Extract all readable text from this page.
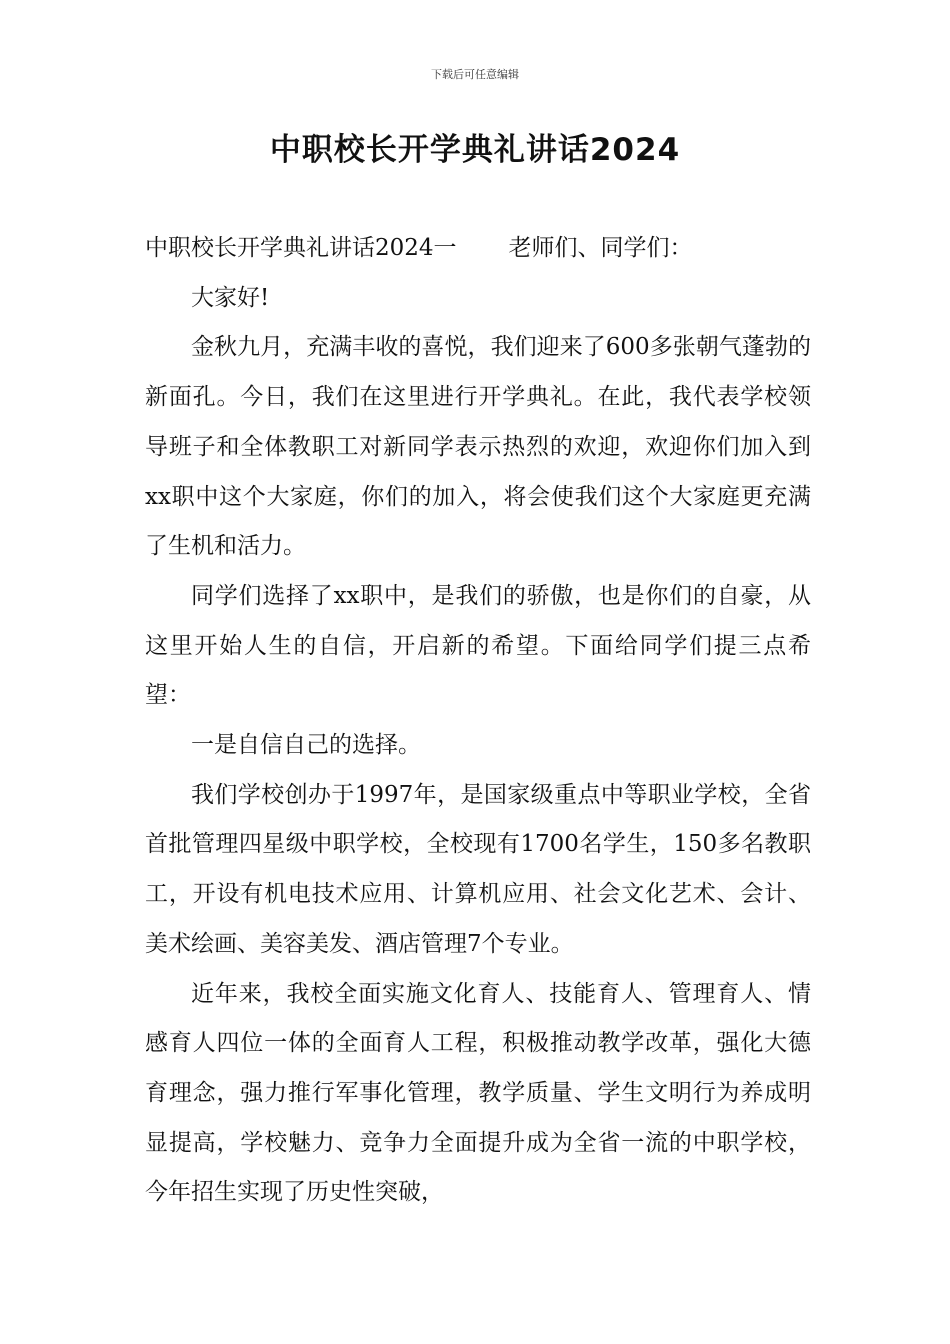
下载后可任意编辑
中职校长开学典礼讲话2024

中职校长开学典礼讲话2024一 老师们、同学们：

大家好!

金秋九月，充满丰收的喜悦，我们迎来了600多张朝气蓬勃的新面孔。今日，我们在这里进行开学典礼。在此，我代表学校领导班子和全体教职工对新同学表示热烈的欢迎，欢迎你们加入到xx职中这个大家庭，你们的加入，将会使我们这个大家庭更充满了生机和活力。

同学们选择了xx职中，是我们的骄傲，也是你们的自豪，从这里开始人生的自信，开启新的希望。下面给同学们提三点希望：

一是自信自己的选择。

我们学校创办于1997年，是国家级重点中等职业学校，全省首批管理四星级中职学校，全校现有1700名学生，150多名教职工，开设有机电技术应用、计算机应用、社会文化艺术、会计、美术绘画、美容美发、酒店管理7个专业。

近年来，我校全面实施文化育人、技能育人、管理育人、情感育人四位一体的全面育人工程，积极推动教学改革，强化大德育理念，强力推行军事化管理，教学质量、学生文明行为养成明显提高，学校魅力、竞争力全面提升成为全省一流的中职学校，今年招生实现了历史性突破，
